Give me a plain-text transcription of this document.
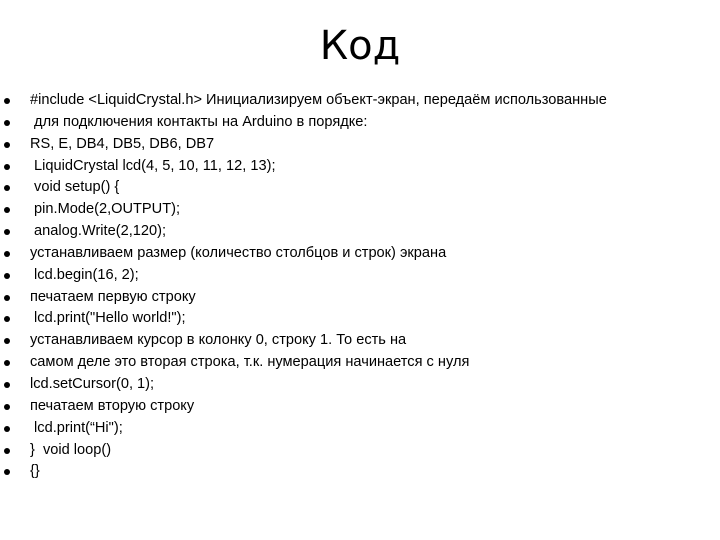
Код
#include <LiquidCrystal.h> Инициализируем объект-экран, передаём использованные
для подключения контакты на Arduino в порядке:
RS, E, DB4, DB5, DB6, DB7
LiquidCrystal lcd(4, 5, 10, 11, 12, 13);
void setup() {
pin.Mode(2,OUTPUT);
analog.Write(2,120);
устанавливаем размер (количество столбцов и строк) экрана
lcd.begin(16, 2);
печатаем первую строку
lcd.print("Hello world!");
устанавливаем курсор в колонку 0, строку 1. То есть на
самом деле это вторая строка, т.к. нумерация начинается с нуля
lcd.setCursor(0, 1);
печатаем вторую строку
lcd.print(“Hi");
}  void loop()
{}
